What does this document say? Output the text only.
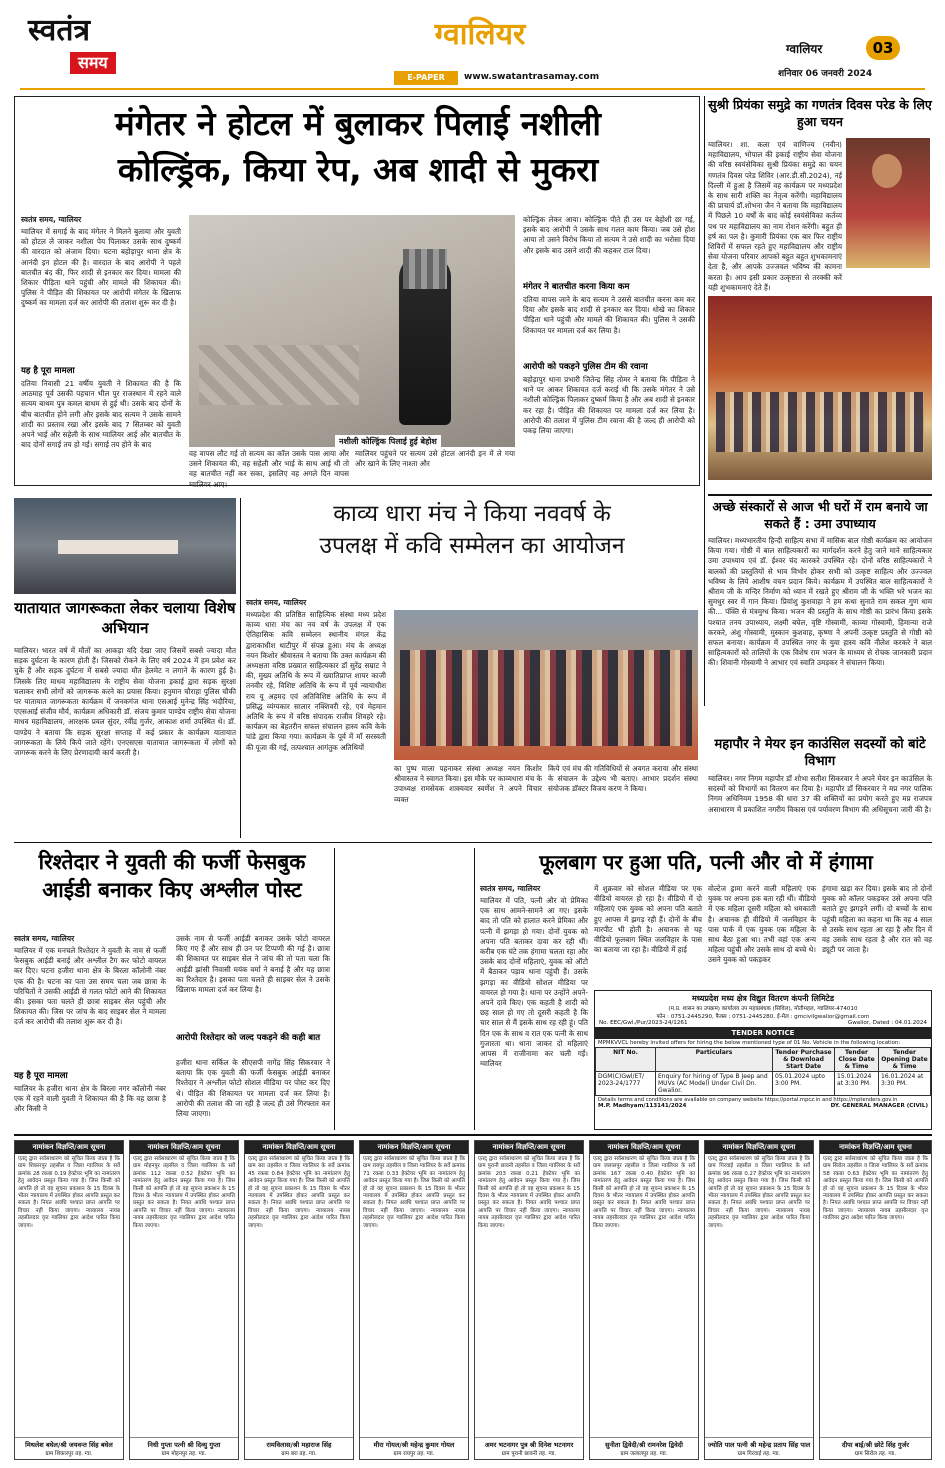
स्वतंत्र
समय
ग्वालियर
E-PAPER	www.swatantrasamay.com
ग्वालियर	03
शनिवार 06 जनवरी 2024
मंगेतर ने होटल में बुलाकर पिलाई नशीली
कोल्ड्रिंक, किया रेप, अब शादी से मुकरा
स्वतंत्र समय, ग्वालियर
ग्वालियर में सगाई के बाद मंगेतर ने मिलने बुलाया और युवती को होटल ले जाकर नशीला पेय पिलाकर उसके साथ दुष्कर्म की वारदात को अंजाम दिया। घटना बहोड़ापुर थाना क्षेत्र के आनंदी इन होटल की है। वारदात के बाद आरोपी ने पहले बातचीत बंद की, फिर शादी से इनकार कर दिया। मामला की शिकार पीड़िता थाने पहुंची और मामले की शिकायत की। पुलिस ने पीड़ित की शिकायत पर आरोपी मंगेतर के खिलाफ दुष्कर्म का मामला दर्ज कर आरोपी की तलाश शुरू कर दी है।
यह है पूरा मामला
दतिया निवासी 21 वर्षीय युवती ने शिकायत की है कि आठमाह पूर्व उसकी पहचान भील पुर राजस्थान में रहने वाले सत्यम बाथम पुत्र कमल बाथम से हुई थी। उसके बाद दोनों के बीच बातचीत होने लगी और इसके बाद सत्यम ने उसके सामने शादी का प्रस्ताव रखा और इसके बाद 7 सितम्बर को युवती अपने भाई और सहेली के साथ ग्वालियर आई और बातचीत के बाद दोनों सगाई तय हो गई। सगाई तय होने के बाद	नशीली कोल्ड्रिंक पिलाई हुई बेहोश
वह वापस लौट गई तो सत्यम का कॉल उसके पास आया और उसने शिकायत की, वह सहेली और भाई के साथ आई थी तो वह बातचीत नहीं कर सका, इसलिए वह अगले दिन वापस ग्वालियर आए।
ग्वालियर पहुंचने पर सत्यम उसे होटल आनंदी इन में ले गया और खाने के लिए नाश्ता और
कोल्ड्रिंक लेकर आया। कोल्ड्रिंक पीते ही उस पर बेहोशी छा गई, इसके बाद आरोपी ने उसके साथ गलत काम किया। जब उसे होश आया तो उसने विरोध किया तो सत्यम ने उसे शादी का भरोसा दिया और इसके बाद उसने शादी की कहकर टाल दिया।
मंगेतर ने बातचीत करना किया कम
दतिया वापस जाने के बाद सत्यम ने उससे बातचीत करना कम कर दिया और इसके बाद शादी से इनकार कर दिया। धोखे का शिकार पीड़िता थाने पहुंची और मामले की शिकायत की। पुलिस ने उसकी शिकायत पर मामला दर्ज कर लिया है।
आरोपी को पकड़ने पुलिस टीम की रवाना
बहोड़ापुर थाना प्रभारी जितेन्द्र सिंह तोमर ने बताया कि पीड़िता ने थाने पर आकर शिकायत दर्ज कराई थी कि उसके मंगेतर ने उसे नशीली कोल्ड्रिंक पिलाकर दुष्कर्म किया है और अब शादी से इनकार कर रहा है। पीड़ित की शिकायत पर मामला दर्ज कर लिया है। आरोपी की तलाश में पुलिस टीम रवाना की है जल्द ही आरोपी को पकड़ लिया जाएगा।
सुश्री प्रियंका समुद्रे का गणतंत्र दिवस परेड के लिए हुआ चयन
ग्वालियर। शा. कला एवं वाणिज्य (नवीन) महाविद्यालय, भोपाल की इकाई राष्ट्रीय सेवा योजना की वरिष्ठ स्वयंसेविका सुश्री प्रियंका समुद्रे का चयन गणतंत्र दिवस परेड शिविर (आर.डी.सी.2024), नई दिल्ली में हुआ है जिसमें वह कार्यक्रम पर मध्यप्रदेश के साथ सारी शक्ति का नेतृत्व करेंगी। महाविद्यालय की प्राचार्य डॉ.शोभना जैन ने बताया कि महाविद्यालय में पिछले 10 वर्षों के बाद कोई स्वयंसेविका कर्तव्य पथ पर महाविद्यालय का नाम रोशन करेंगी। बहुत ही हर्ष का पल है। कुमारी प्रियंका एक बार फिर राष्ट्रीय शिविरों में सफल रहते हुए महाविद्यालय और राष्ट्रीय सेवा योजना परिवार आपको बहुत बहुत शुभकामनाएं देता है, और आपके उज्जवल भविष्य की कामना करता है। आप इसी प्रकार उत्कृष्टता से तरक्की करें यही शुभकामनाएं देते हैं।
यातायात जागरूकता लेकर चलाया विशेष अभियान
ग्वालियर। भारत वर्ष में मौतों का आकड़ा यदि देखा जाए जिसमें सबसे ज्यादा मौत सड़क दुर्घटना के कारण होती हैं। जिसको रोकने के लिए वर्ष 2024 में हम प्रवेश कर चुके हैं और सड़क दुर्घटना में सबसे ज्यादा मौत हेलमेट न लगाने के कारण हुई है। जिसके लिए माधव महाविद्यालय के राष्ट्रीय सेवा योजना इकाई द्वारा सड़क सुरक्षा चलाकर सभी लोगों को जागरूक करने का प्रयास किया। हनुमान चौराहा पुलिस चौकी पर यातायात जागरूकता कार्यक्रम में जनकगंज थाना एसआई मुनेन्द्र सिंह भदौरिया, एएसआई संजीव मौर्य, कार्यक्रम अधिकारी डॉ. संजय कुमार पाण्डेय राष्ट्रीय सेवा योजना माधव महाविद्यालय, आरक्षक प्रवल सुंदर, रवींद्र गुर्जर, आकाश शर्मा उपस्थित थे। डॉ. पाण्डेय ने बताया कि सड़क सुरक्षा सप्ताह में कई प्रकार के कार्यक्रम यातायात जागरूकता के लिये किये जाते रहेंगे। एनएसएस यातायात जागरूकता में लोगों को जागरूक करने के लिए प्रेरणादायी कार्य करती है।
काव्य धारा मंच ने किया नववर्ष के
उपलक्ष में कवि सम्मेलन का आयोजन
स्वतंत्र समय, ग्वालियर
मध्यप्रदेश की प्रतिष्ठित साहित्यिक संस्था मध्य प्रदेश काव्य धारा मंच का नव वर्ष के उपलक्ष में एक ऐतिहासिक कवि सम्मेलन स्थानीय मंगल केंद्र द्वाराकाधीश थाटीपुर में संपन्न हुआ। मंच के अध्यक्ष नयन किशोर श्रीवास्तव ने बताया कि उक्त कार्यक्रम की अध्यक्षता वरिष्ठ प्रख्यात साहित्यकार डॉ सुरेंद्र सम्राट ने की, मुख्य अतिथि के रूप में ख्यातिप्राप्त शायर काजी तनवीर रहे, विशिष्ट अतिथि के रूप में पूर्व न्यायाधीश राय यू अहमद एवं अतिविशिष्ट अतिथि के रूप में प्रसिद्ध व्यंग्यकार सालार नक्शिवरी रहे, एवं मेहमान अतिथि के रूप में वरिष्ठ संपादक राजीव शिवहरे रहे। कार्यक्रम का बेहतरीन सफल संचालन हास्य कवि केके पांडे द्वारा किया गया। कार्यक्रम के पूर्व में माँ सरस्वती की पूजा की गई, तत्पश्चात आगंतुक अतिथियों
का पुष्प माला पहनाकर संस्था अध्यक्ष नयन किशोर श्रीवास्तव ने स्वागत किया। इस मौके पर काव्यधारा मंच के उपाध्यक्ष रामसेवक शाक्यवार स्वर्णेश ने अपने विचार व्यक्त
किये एवं मंच की गतिविधियों से अवगत कराया और संस्था के संचालन के उद्देश्य भी बताए। आभार प्रदर्शन संस्था संयोजक डॉक्टर विजय करण ने किया।
अच्छे संस्कारों से आज भी घरों में राम बनाये जा सकते हैं : उमा उपाध्याय
ग्वालियर। मध्यभारतीय हिन्दी साहित्य सभा में मासिक बाल गोष्ठी कार्यक्रम का आयोजन किया गया। गोष्ठी में बाल साहित्यकारों का मार्गदर्शन करने हेतु जाने माने साहित्यकार उमा उपाध्याय एवं डॉ. ईश्वर चंद कारकरे उपस्थित रहे। दोनों वरिष्ठ साहित्यकारों ने बालकों की प्रस्तुतियों से भाव विभोर होकर सभी को उत्कृष्ट साहित्य और उज्ज्वल भविष्य के लिये आशीष वचन प्रदान किये। कार्यक्रम में उपस्थित बाल साहित्यकारों ने श्रीराम जी के मन्दिर निर्माण को ध्यान में रखते हुए श्रीराम जी के भक्ति भरे भजन का सुमधुर स्वर में गान किया। प्रियांशु कुशवाहा ने हम कथा सुनाते राम सकल गुण धाम की... पंक्ति से मंत्रमुग्ध किया। भजन की प्रस्तुति के साथ गोष्ठी का प्रारंभ किया इसके पश्चात तनय उपाध्याय, लक्ष्मी बघेल, वृष्टि गोस्वामी, काव्या गोस्वामी, हिमान्या राजे करकरे, अंशु गोस्वामी, मुस्कान कुशवाह, कृष्णा ने अपनी उत्कृष्ट प्रस्तुति से गोष्ठी को सफल बनाया। कार्यक्रम में उपस्थित नगर के युवा हास्य कवि नीलेश करकरे ने बाल साहित्यकारों को तालियों के एक विशेष राम भजन के माध्यम से रोचक जानकारी प्रदान की। शिवानी गोस्वामी ने आभार एवं स्वाति उमड़कर ने संचालन किया।
महापौर ने मेयर इन काउंसिल सदस्यों को बांटे विभाग
ग्वालियर। नगर निगम महापौर डॉ शोभा सतीश सिकरवार ने अपने मेयर इन काउंसिल के सदस्यों को विभागों का वितरण कर दिया है। महापौर डॉ सिकरवार ने मप्र नगर पालिक निगम अधिनियम 1958 की धारा 37 की शक्तियों का प्रयोग करते हुए मप्र राजपत्र असाधारण में प्रकाशित नगरीय विकास एवं पर्यावरण विभाग की अधिसूचना जारी की है।
रिश्तेदार ने युवती की फर्जी फेसबुक
आईडी बनाकर किए अश्लील पोस्ट
स्वतंत्र समय, ग्वालियर
ग्वालियर में एक मनचले रिश्तेदार ने युवती के नाम से फर्जी फेसबुक आईडी बनाई और अश्लील टैग कर फोटो वायरल कर दिए। घटना हजीरा थाना क्षेत्र के बिरला कॉलोनी नंबर एक की है। घटना का पता उस समय चला जब छात्रा के परिचितों ने उसकी आईडी से गलत फोटो आने की शिकायत की। इसका पता चलते ही छात्रा साइबर सेल पहुंची और शिकायत की। जिस पर जांच के बाद साइबर सेल ने मामला दर्ज कर आरोपी की तलाश शुरू कर दी है।
यह है पूरा मामला
ग्वालियर के हजीरा थाना क्षेत्र के बिरला नगर कॉलोनी नंबर एक में रहने वाली युवती ने शिकायत की है कि वह छात्रा है और किसी ने
उसके नाम से फर्जी आईडी बनाकर उसके फोटो वायरल किए गए हैं और साथ ही उन पर टिप्पणी की गई है। छात्रा की शिकायत पर साइबर सेल ने जांच की तो पता चला कि आईडी झांसी निवासी मयंक वर्मा ने बनाई है और यह छात्रा का रिश्तेदार है। इसका पता चलते ही साइबर सेल ने उसके खिलाफ मामला दर्ज कर लिया है।
आरोपी रिश्तेदार को जल्द पकड़ने की कही बात
हजीरा थाना सर्किल के सीएसपी नागेंद्र सिंह सिकरवार ने बताया कि एक युवती की फर्जी फेसबुक आईडी बनाकर रिश्तेदार ने अश्लील फोटो सोशल मीडिया पर पोस्ट कर दिए थे। पीड़ित की शिकायत पर मामला दर्ज कर लिया है। आरोपी की तलाश की जा रही है जल्द ही उसे गिरफ्तार कर लिया जाएगा।
फूलबाग पर हुआ पति, पत्नी और वो में हंगामा
स्वतंत्र समय, ग्वालियर
ग्वालियर में पति, पत्नी और वो प्रेमिका एक साथ आमने-सामने आ गए। इसके बाद तो पति को हालात करने प्रेमिका और पत्नी में झगड़ा हो गया। दोनों युवक को अपना पति बताकर दावा कर रही थीं। करीब एक घंटे तक हंगामा चलता रहा और उसके बाद दोनों महिलाएं, युवक को ऑटो में बैठाकर पड़ाव थाना पहुंची हैं। उसके झगड़ा का वीडियो सोशल मीडिया पर वायरल हो गया है। थाना पर उन्होंने अपने-अपने दावे किए। एक कहती है शादी को छह साल हो गए तो दूसरी कहती है कि चार साल से मैं इसके साथ रह रही हूं। पति दिन एक के साथ व रात एक पत्नी के साथ गुजारता था। थाना जाकर दो महिलाएं आपस में राजीनामा कर चली गईं। ग्वालियर
में शुक्रवार को सोशल मीडिया पर एक वीडियो वायरल हो रहा है। वीडियो में दो महिलाएं एक युवक को अपना पति बताते हुए आपस में झगड़ रही हैं। दोनों के बीच मारपीट भी होती है। अचानक से यह वीडियो फूलबाग स्थित जलविहार के पास का बताया जा रहा है। वीडियो में हाई
वोल्टेज ड्रामा करने वाली महिलाएं एक युवक पर अपना हक बता रही थीं। वीडियो में एक महिला दूसरी महिला को धमकाती है। अचानक ही वीडियो में जलविहार के पास पार्क में एक युवक एक महिला के साथ बैठा हुआ था। तभी वहां एक अन्य महिला पहुंची और उसके साथ दो बच्चे थे। उसने युवक को पकड़कर
हंगामा खड़ा कर दिया। इसके बाद तो दोनों युवक को कॉलर पकड़कर उसे अपना पति बताते हुए झगड़ने लगीं। दो बच्चों के साथ पहुंची महिला का कहना था कि वह 4 साल से उसके साथ रहता आ रहा है और दिन में वह उसके साथ रहता है और रात को वह ड्यूटी पर जाता है।
मध्यप्रदेश मध्य क्षेत्र विद्युत वितरण कंपनी लिमिटेड
(म.प्र. शासन का उपक्रम) कार्यालय उप महाप्रबंधक (सिविल), मोतीमहल, ग्वालियर-474010
फोन : 0751-2445290, फैक्स : 0751-2445280, ई-मेल : gmcivilgwalior@gmail.com
No. EEC/Gwl./Pur/2023-24/1261	Gwalior, Dated : 04.01.2024
TENDER NOTICE
MPMKVVCL hereby invited offers for hiring the below mentioned type of 01 No. Vehicle in the following location:
NIT No.	Particulars	Tender Purchase & Download Start Date	Tender Close Date & Time	Tender Opening Date & Time
DGM(C)Gwl/ET/ 2023-24/1777	Enquiry for hiring of Type B Jeep and MUVs (AC Model) Under Civil Dn. Gwalior.	05.01.2024 upto 3:00 PM.	15.01.2024 at 3:30 PM.	16.01.2024 at 3:30 PM.
Details terms and conditions are available on company website https://portal.mpcz.in and https://mptenders.gov.in
M.P. Madhyam/113141/2024	DY. GENERAL MANAGER (CIVIL)
नामांकन विज्ञप्ति/आम सूचना
एतद् द्वारा सर्वसाधारण को सूचित किया जाता है कि ग्राम शिकारपुर तहसील व जिला ग्वालियर के सर्वे क्रमांक 28 रकबा 0.19 हेक्टेयर भूमि का नामांतरण हेतु आवेदन प्रस्तुत किया गया है। जिस किसी को आपत्ति हो तो वह सूचना प्रकाशन के 15 दिवस के भीतर न्यायालय में उपस्थित होकर आपत्ति प्रस्तुत कर सकता है। नियत अवधि पश्चात प्राप्त आपत्ति पर विचार नहीं किया जाएगा। न्यायालय नायब तहसीलदार वृत्त ग्वालियर द्वारा आदेश पारित किया जाएगा।
मिथलेश बघेल/श्री जयवन्त सिंह बघेल
ग्राम शिकारपुर तह. ग्वा.
नामांकन विज्ञप्ति/आम सूचना
एतद् द्वारा सर्वसाधारण को सूचित किया जाता है कि ग्राम मोहनपुर तहसील व जिला ग्वालियर के सर्वे क्रमांक 112 रकबा 0.52 हेक्टेयर भूमि का नामांतरण हेतु आवेदन प्रस्तुत किया गया है। जिस किसी को आपत्ति हो तो वह सूचना प्रकाशन के 15 दिवस के भीतर न्यायालय में उपस्थित होकर आपत्ति प्रस्तुत कर सकता है। नियत अवधि पश्चात प्राप्त आपत्ति पर विचार नहीं किया जाएगा। न्यायालय नायब तहसीलदार वृत्त ग्वालियर द्वारा आदेश पारित किया जाएगा।
निधी गुप्ता पत्नी श्री दिव्यु गुप्ता
ग्राम मोहनपुर तह. ग्वा.
नामांकन विज्ञप्ति/आम सूचना
एतद् द्वारा सर्वसाधारण को सूचित किया जाता है कि ग्राम बरा तहसील व जिला ग्वालियर के सर्वे क्रमांक 45 रकबा 0.84 हेक्टेयर भूमि का नामांतरण हेतु आवेदन प्रस्तुत किया गया है। जिस किसी को आपत्ति हो तो वह सूचना प्रकाशन के 15 दिवस के भीतर न्यायालय में उपस्थित होकर आपत्ति प्रस्तुत कर सकता है। नियत अवधि पश्चात प्राप्त आपत्ति पर विचार नहीं किया जाएगा। न्यायालय नायब तहसीलदार वृत्त ग्वालियर द्वारा आदेश पारित किया जाएगा।
रामविलास/श्री महाराज सिंह
ग्राम बरा तह. ग्वा.
नामांकन विज्ञप्ति/आम सूचना
एतद् द्वारा सर्वसाधारण को सूचित किया जाता है कि ग्राम रायपुर तहसील व जिला ग्वालियर के सर्वे क्रमांक 71 रकबा 0.33 हेक्टेयर भूमि का नामांतरण हेतु आवेदन प्रस्तुत किया गया है। जिस किसी को आपत्ति हो तो वह सूचना प्रकाशन के 15 दिवस के भीतर न्यायालय में उपस्थित होकर आपत्ति प्रस्तुत कर सकता है। नियत अवधि पश्चात प्राप्त आपत्ति पर विचार नहीं किया जाएगा। न्यायालय नायब तहसीलदार वृत्त ग्वालियर द्वारा आदेश पारित किया जाएगा।
मीरा गोयल/श्री महेन्द्र कुमार गोयल
ग्राम रायपुर तह. ग्वा.
नामांकन विज्ञप्ति/आम सूचना
एतद् द्वारा सर्वसाधारण को सूचित किया जाता है कि ग्राम पुरानी छावनी तहसील व जिला ग्वालियर के सर्वे क्रमांक 203 रकबा 0.21 हेक्टेयर भूमि का नामांतरण हेतु आवेदन प्रस्तुत किया गया है। जिस किसी को आपत्ति हो तो वह सूचना प्रकाशन के 15 दिवस के भीतर न्यायालय में उपस्थित होकर आपत्ति प्रस्तुत कर सकता है। नियत अवधि पश्चात प्राप्त आपत्ति पर विचार नहीं किया जाएगा। न्यायालय नायब तहसीलदार वृत्त ग्वालियर द्वारा आदेश पारित किया जाएगा।
अमर भटनागर पुत्र श्री दिनेश भटनागर
ग्राम पुरानी छावनी तह. ग्वा.
नामांकन विज्ञप्ति/आम सूचना
एतद् द्वारा सर्वसाधारण को सूचित किया जाता है कि ग्राम जलालपुर तहसील व जिला ग्वालियर के सर्वे क्रमांक 167 रकबा 0.40 हेक्टेयर भूमि का नामांतरण हेतु आवेदन प्रस्तुत किया गया है। जिस किसी को आपत्ति हो तो वह सूचना प्रकाशन के 15 दिवस के भीतर न्यायालय में उपस्थित होकर आपत्ति प्रस्तुत कर सकता है। नियत अवधि पश्चात प्राप्त आपत्ति पर विचार नहीं किया जाएगा। न्यायालय नायब तहसीलदार वृत्त ग्वालियर द्वारा आदेश पारित किया जाएगा।
सुनीता द्विवेदी/श्री रामनरेश द्विवेदी
ग्राम जलालपुर तह. ग्वा.
नामांकन विज्ञप्ति/आम सूचना
एतद् द्वारा सर्वसाधारण को सूचित किया जाता है कि ग्राम गिरवाई तहसील व जिला ग्वालियर के सर्वे क्रमांक 96 रकबा 0.27 हेक्टेयर भूमि का नामांतरण हेतु आवेदन प्रस्तुत किया गया है। जिस किसी को आपत्ति हो तो वह सूचना प्रकाशन के 15 दिवस के भीतर न्यायालय में उपस्थित होकर आपत्ति प्रस्तुत कर सकता है। नियत अवधि पश्चात प्राप्त आपत्ति पर विचार नहीं किया जाएगा। न्यायालय नायब तहसीलदार वृत्त ग्वालियर द्वारा आदेश पारित किया जाएगा।
ज्योति पाल पत्नी श्री महेन्द्र प्रताप सिंह पाल
ग्राम गिरवाई तह. ग्वा.
नामांकन विज्ञप्ति/आम सूचना
एतद् द्वारा सर्वसाधारण को सूचित किया जाता है कि ग्राम सिरोल तहसील व जिला ग्वालियर के सर्वे क्रमांक 58 रकबा 0.63 हेक्टेयर भूमि का नामांतरण हेतु आवेदन प्रस्तुत किया गया है। जिस किसी को आपत्ति हो तो वह सूचना प्रकाशन के 15 दिवस के भीतर न्यायालय में उपस्थित होकर आपत्ति प्रस्तुत कर सकता है। नियत अवधि पश्चात प्राप्त आपत्ति पर विचार नहीं किया जाएगा। न्यायालय नायब तहसीलदार वृत्त ग्वालियर द्वारा आदेश पारित किया जाएगा।
दीपा बाई/श्री छोटे सिंह गुर्जर
ग्राम सिरोल तह. ग्वा.
